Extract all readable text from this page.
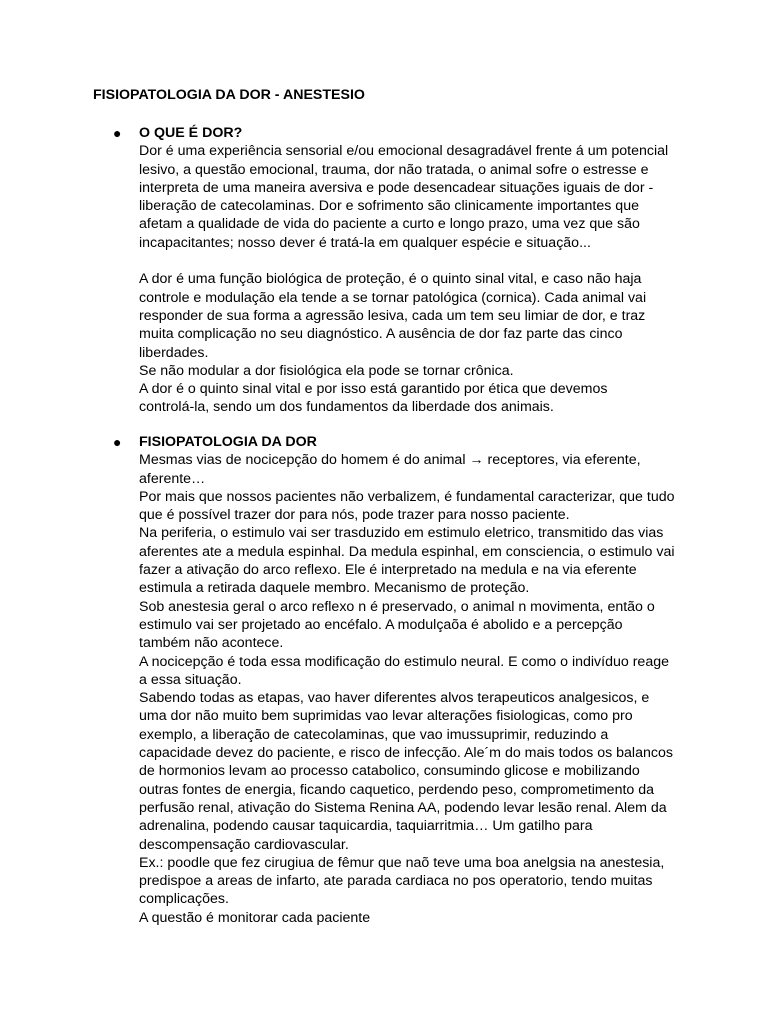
FISIOPATOLOGIA DA DOR - ANESTESIO
● O QUE É DOR?
Dor é uma experiência sensorial e/ou emocional desagradável frente á um potencial
lesivo, a questão emocional, trauma, dor não tratada, o animal sofre o estresse e
interpreta de uma maneira aversiva e pode desencadear situações iguais de dor -
liberação de catecolaminas. Dor e sofrimento são clinicamente importantes que
afetam a qualidade de vida do paciente a curto e longo prazo, uma vez que são
incapacitantes; nosso dever é tratá-la em qualquer espécie e situação...
A dor é uma função biológica de proteção, é o quinto sinal vital, e caso não haja
controle e modulação ela tende a se tornar patológica (cornica). Cada animal vai
responder de sua forma a agressão lesiva, cada um tem seu limiar de dor, e traz
muita complicação no seu diagnóstico. A ausência de dor faz parte das cinco
liberdades.
Se não modular a dor fisiológica ela pode se tornar crônica.
A dor é o quinto sinal vital e por isso está garantido por ética que devemos
controlá-la, sendo um dos fundamentos da liberdade dos animais.
● FISIOPATOLOGIA DA DOR
Mesmas vias de nocicepção do homem é do animal → receptores, via eferente,
aferente…
Por mais que nossos pacientes não verbalizem, é fundamental caracterizar, que tudo
que é possível trazer dor para nós, pode trazer para nosso paciente.
Na periferia, o estimulo vai ser trasduzido em estimulo eletrico, transmitido das vias
aferentes ate a medula espinhal. Da medula espinhal, em consciencia, o estimulo vai
fazer a ativação do arco reflexo. Ele é interpretado na medula e na via eferente
estimula a retirada daquele membro. Mecanismo de proteção.
Sob anestesia geral o arco reflexo n é preservado, o animal n movimenta, então o
estimulo vai ser projetado ao encéfalo. A modulçaõa é abolido e a percepção
também não acontece.
A nocicepção é toda essa modificação do estimulo neural. E como o indivíduo reage
a essa situação.
Sabendo todas as etapas, vao haver diferentes alvos terapeuticos analgesicos, e
uma dor não muito bem suprimidas vao levar alterações fisiologicas, como pro
exemplo, a liberação de catecolaminas, que vao imussuprimir, reduzindo a
capacidade devez do paciente, e risco de infecção. Ale´m do mais todos os balancos
de hormonios levam ao processo catabolico, consumindo glicose e mobilizando
outras fontes de energia, ficando caquetico, perdendo peso, comprometimento da
perfusão renal, ativação do Sistema Renina AA, podendo levar lesão renal. Alem da
adrenalina, podendo causar taquicardia, taquiarritmia… Um gatilho para
descompensação cardiovascular.
Ex.: poodle que fez cirugiua de fêmur que naõ teve uma boa anelgsia na anestesia,
predispoe a areas de infarto, ate parada cardiaca no pos operatorio, tendo muitas
complicações.
A questão é monitorar cada paciente
